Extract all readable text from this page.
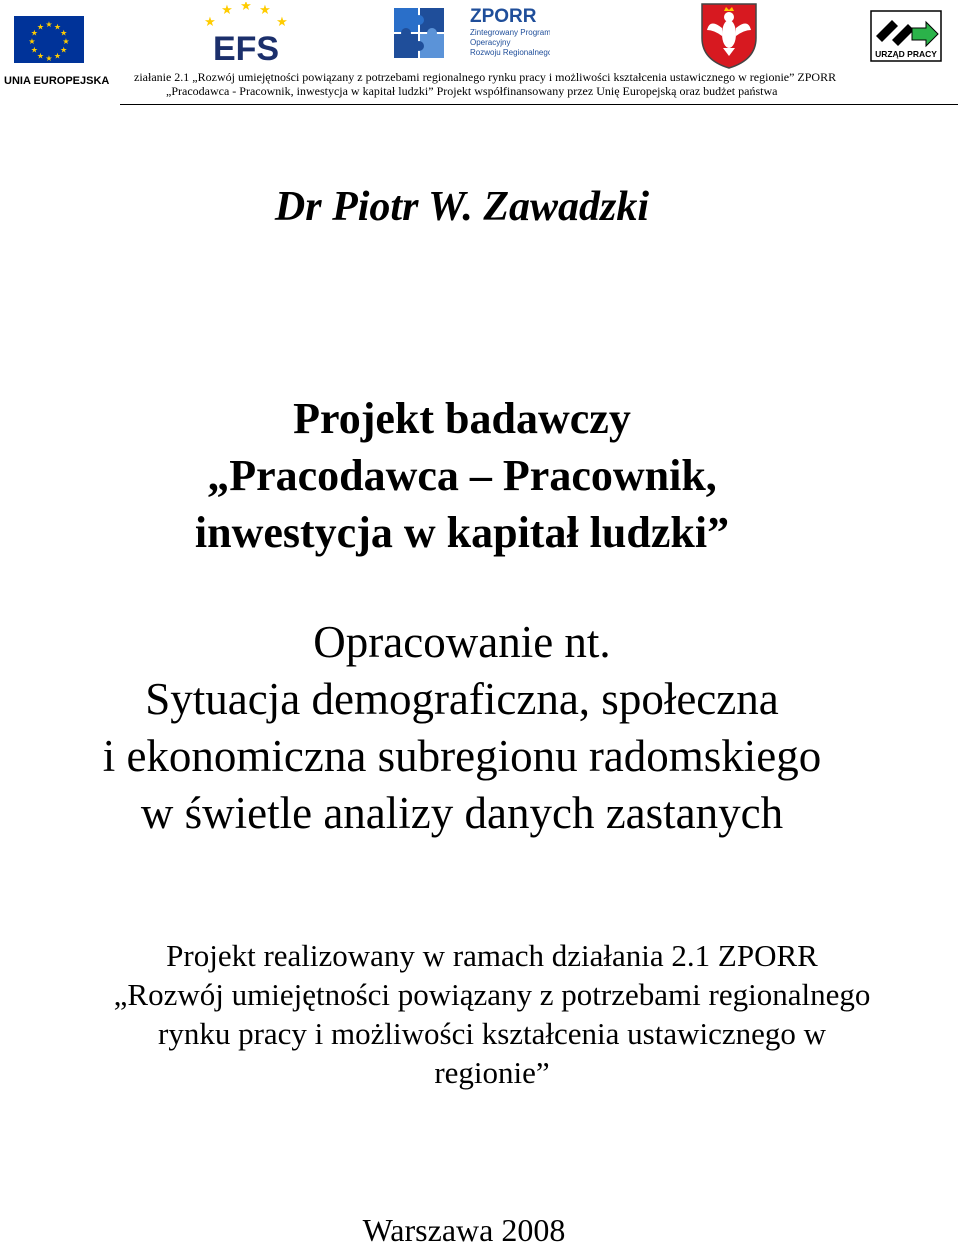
★ ★
★
★
★
★
★
★
★
★
★
★
UNIA EUROPEJSKA
★
★ ★ ★
★
EFS
ZPORR
Zintegrowany Program
Operacyjny
Rozwoju Regionalnego	URZĄD PRACY
ziałanie 2.1 „Rozwój umiejętności powiązany z potrzebami regionalnego rynku pracy i możliwości kształcenia ustawicznego w regionie” ZPORR
„Pracodawca - Pracownik, inwestycja w kapitał ludzki” Projekt współfinansowany przez Unię Europejską oraz budżet państwa
Dr Piotr W. Zawadzki
Projekt badawczy
„Pracodawca – Pracownik,
inwestycja w kapitał ludzki”
Opracowanie nt.
Sytuacja demograficzna, społeczna
i ekonomiczna subregionu radomskiego
w świetle analizy danych zastanych
Projekt realizowany w ramach działania 2.1 ZPORR
„Rozwój umiejętności powiązany z potrzebami regionalnego
rynku pracy i możliwości kształcenia ustawicznego w
regionie”
Warszawa 2008
